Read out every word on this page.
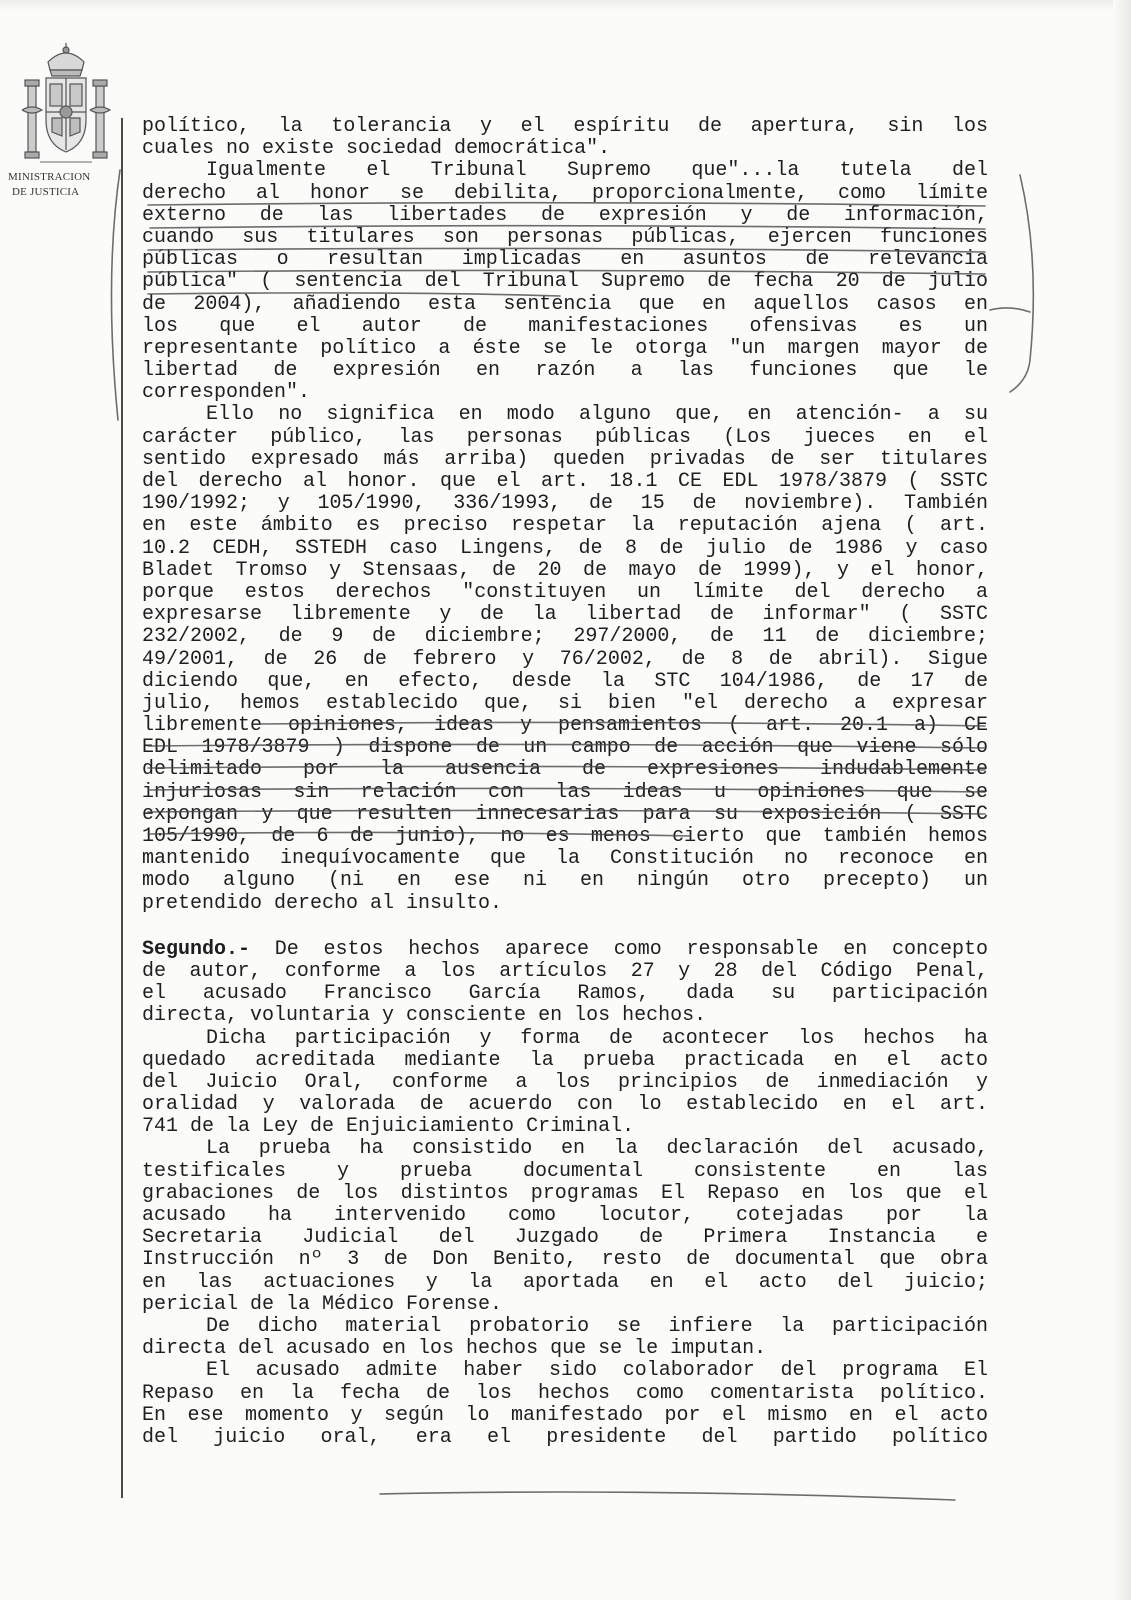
MINISTRACION
DE JUSTICIA
político, la tolerancia y el espíritu de apertura, sin los
cuales no existe sociedad democrática".
Igualmente el Tribunal Supremo que"...la tutela del
derecho al honor se debilita, proporcionalmente, como límite
externo de las libertades de expresión y de información,
cuando sus titulares son personas públicas, ejercen funciones
públicas o resultan implicadas en asuntos de relevancia
pública" ( sentencia del Tribunal Supremo de fecha 20 de julio
de 2004), añadiendo esta sentencia que en aquellos casos en
los que el autor de manifestaciones ofensivas es un
representante político a éste se le otorga "un margen mayor de
libertad de expresión en razón a las funciones que le
corresponden".
Ello no significa en modo alguno que, en atención- a su
carácter público, las personas públicas (Los jueces en el
sentido expresado más arriba) queden privadas de ser titulares
del derecho al honor. que el art. 18.1 CE EDL 1978/3879 ( SSTC
190/1992; y 105/1990, 336/1993, de 15 de noviembre). También
en este ámbito es preciso respetar la reputación ajena ( art.
10.2 CEDH, SSTEDH caso Lingens, de 8 de julio de 1986 y caso
Bladet Tromso y Stensaas, de 20 de mayo de 1999), y el honor,
porque estos derechos "constituyen un límite del derecho a
expresarse libremente y de la libertad de informar" ( SSTC
232/2002, de 9 de diciembre; 297/2000, de 11 de diciembre;
49/2001, de 26 de febrero y 76/2002, de 8 de abril). Sigue
diciendo que, en efecto, desde la STC 104/1986, de 17 de
julio, hemos establecido que, si bien "el derecho a expresar
libremente opiniones, ideas y pensamientos ( art. 20.1 a) CE
EDL 1978/3879 ) dispone de un campo de acción que viene sólo
delimitado por la ausencia de expresiones indudablemente
injuriosas sin relación con las ideas u opiniones que se
expongan y que resulten innecesarias para su exposición ( SSTC
105/1990, de 6 de junio), no es menos cierto que también hemos
mantenido inequívocamente que la Constitución no reconoce en
modo alguno (ni en ese ni en ningún otro precepto) un
pretendido derecho al insulto.
Segundo.- De estos hechos aparece como responsable en concepto
de autor, conforme a los artículos 27 y 28 del Código Penal,
el acusado Francisco García Ramos, dada su participación
directa, voluntaria y consciente en los hechos.
Dicha participación y forma de acontecer los hechos ha
quedado acreditada mediante la prueba practicada en el acto
del Juicio Oral, conforme a los principios de inmediación y
oralidad y valorada de acuerdo con lo establecido en el art.
741 de la Ley de Enjuiciamiento Criminal.
La prueba ha consistido en la declaración del acusado,
testificales y prueba documental consistente en las
grabaciones de los distintos programas El Repaso en los que el
acusado ha intervenido como locutor, cotejadas por la
Secretaria Judicial del Juzgado de Primera Instancia e
Instrucción nº 3 de Don Benito, resto de documental que obra
en las actuaciones y la aportada en el acto del juicio;
pericial de la Médico Forense.
De dicho material probatorio se infiere la participación
directa del acusado en los hechos que se le imputan.
El acusado admite haber sido colaborador del programa El
Repaso en la fecha de los hechos como comentarista político.
En ese momento y según lo manifestado por el mismo en el acto
del juicio oral, era el presidente del partido político
